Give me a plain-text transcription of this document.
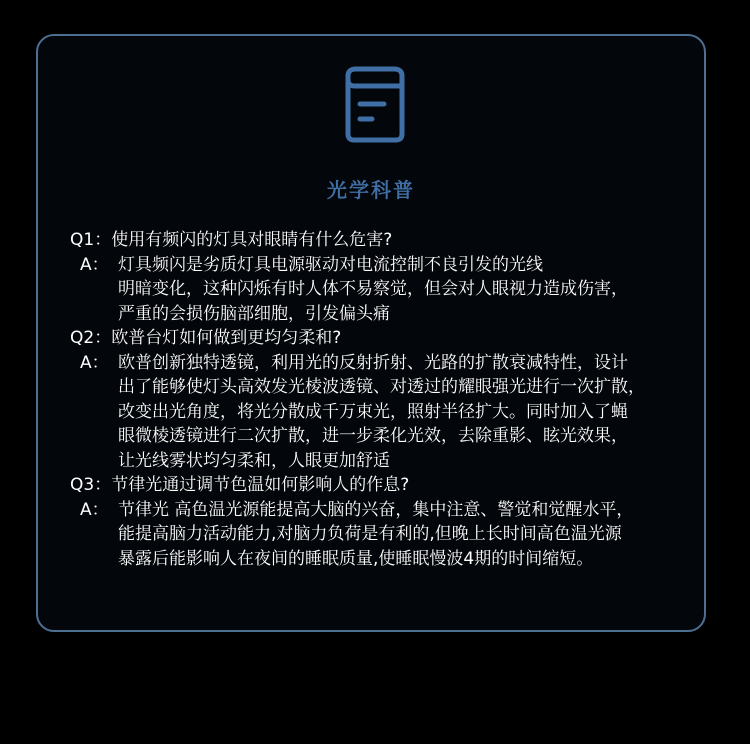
光学科普
Q1： 使用有频闪的灯具对眼睛有什么危害?
A： 灯具频闪是劣质灯具电源驱动对电流控制不良引发的光线

明暗变化，这种闪烁有时人体不易察觉，但会对人眼视力造成伤害，

严重的会损伤脑部细胞，引发偏头痛

Q2： 欧普台灯如何做到更均匀柔和?
A： 欧普创新独特透镜，利用光的反射折射、光路的扩散衰减特性，设计

出了能够使灯头高效发光棱波透镜、对透过的耀眼强光进行一次扩散，

改变出光角度，将光分散成千万束光，照射半径扩大。同时加入了蝇

眼微棱透镜进行二次扩散，进一步柔化光效，去除重影、眩光效果，

让光线雾状均匀柔和，人眼更加舒适

Q3： 节律光通过调节色温如何影响人的作息?
A： 节律光 高色温光源能提高大脑的兴奋，集中注意、警觉和觉醒水平，

能提高脑力活动能力,对脑力负荷是有利的,但晚上长时间高色温光源

暴露后能影响人在夜间的睡眠质量,使睡眠慢波4期的时间缩短。
